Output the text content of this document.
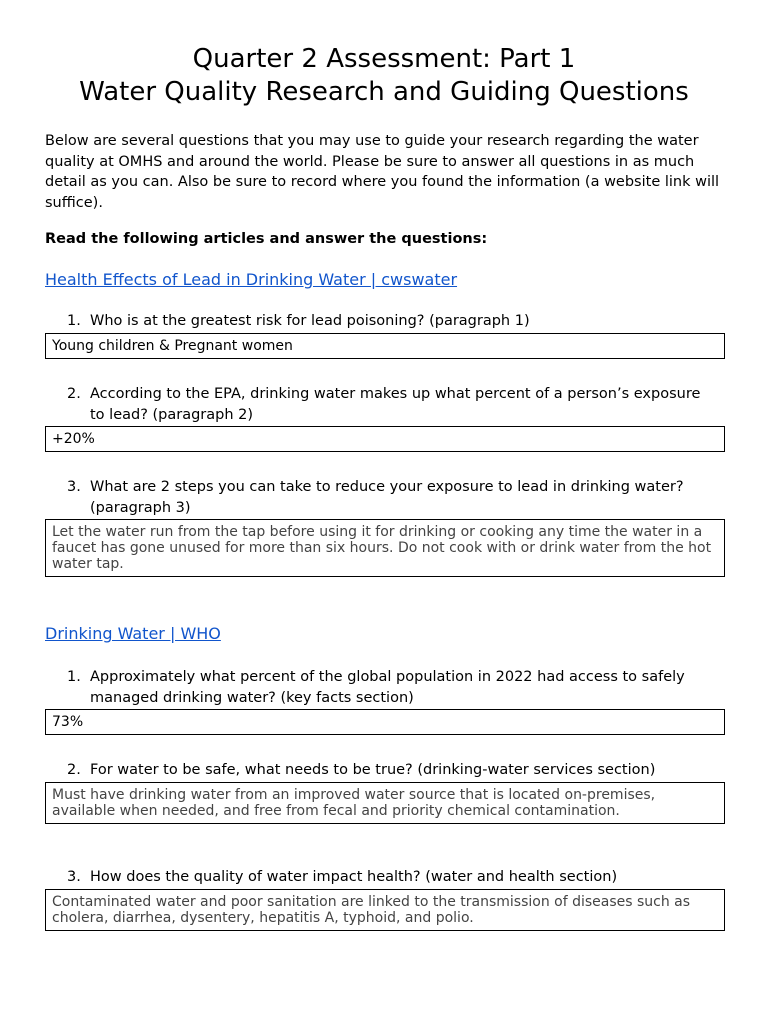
Quarter 2 Assessment: Part 1
Water Quality Research and Guiding Questions

Below are several questions that you may use to guide your research regarding the water quality at OMHS and around the world. Please be sure to answer all questions in as much detail as you can. Also be sure to record where you found the information (a website link will suffice).

Read the following articles and answer the questions:

Health Effects of Lead in Drinking Water | cwswater
1. Who is at the greatest risk for lead poisoning? (paragraph 1)
Young children & Pregnant women
2. According to the EPA, drinking water makes up what percent of a person’s exposure to lead? (paragraph 2)
+20%
3. What are 2 steps you can take to reduce your exposure to lead in drinking water? (paragraph 3)
Let the water run from the tap before using it for drinking or cooking any time the water in a faucet has gone unused for more than six hours. Do not cook with or drink water from the hot water tap.
Drinking Water | WHO
1. Approximately what percent of the global population in 2022 had access to safely managed drinking water? (key facts section)
73%
2. For water to be safe, what needs to be true? (drinking-water services section)
Must have drinking water from an improved water source that is located on-premises, available when needed, and free from fecal and priority chemical contamination.
3. How does the quality of water impact health? (water and health section)
Contaminated water and poor sanitation are linked to the transmission of diseases such as cholera, diarrhea, dysentery, hepatitis A, typhoid, and polio.
